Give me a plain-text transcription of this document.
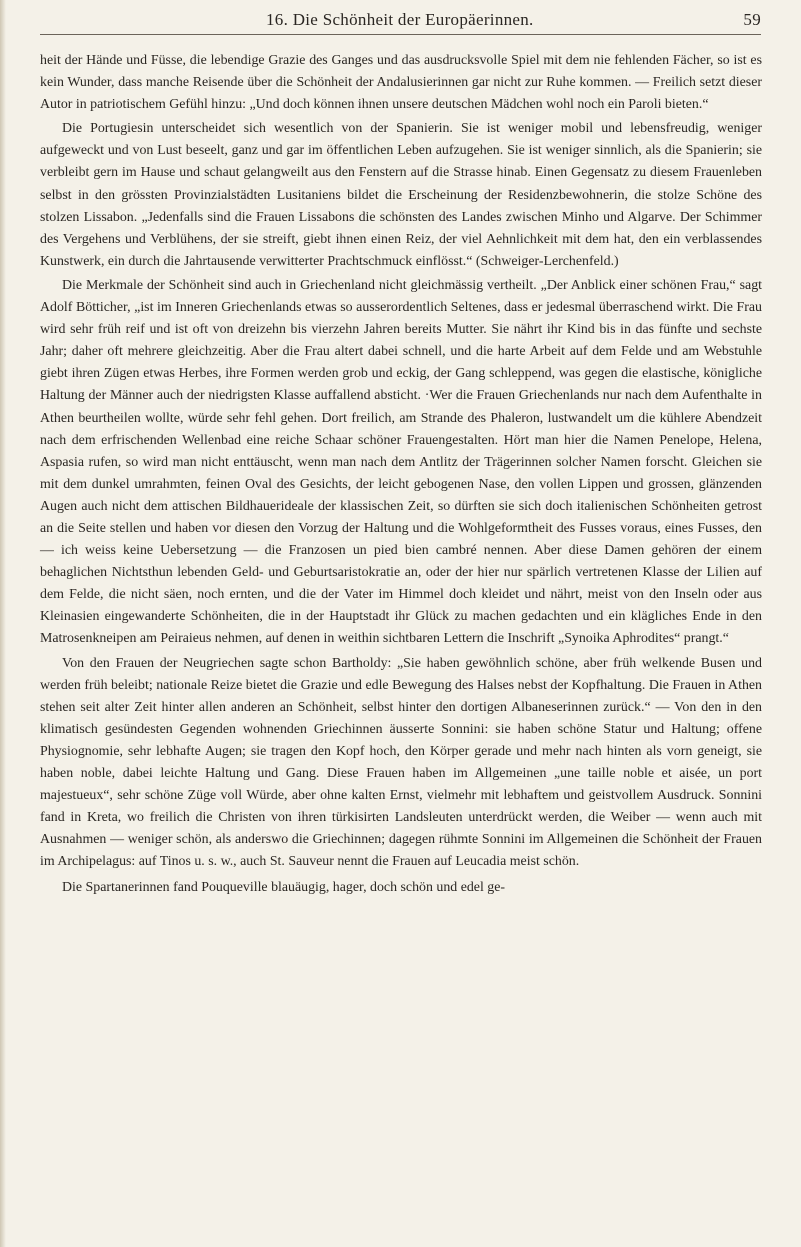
16. Die Schönheit der Europäerinnen.	59

heit der Hände und Füsse, die lebendige Grazie des Ganges und das ausdrucksvolle Spiel mit dem nie fehlenden Fächer, so ist es kein Wunder, dass manche Reisende über die Schönheit der Andalusierinnen gar nicht zur Ruhe kommen. — Freilich setzt dieser Autor in patriotischem Gefühl hinzu: „Und doch können ihnen unsere deutschen Mädchen wohl noch ein Paroli bieten.“

Die Portugiesin unterscheidet sich wesentlich von der Spanierin. Sie ist weniger mobil und lebensfreudig, weniger aufgeweckt und von Lust beseelt, ganz und gar im öffentlichen Leben aufzugehen. Sie ist weniger sinnlich, als die Spanierin; sie verbleibt gern im Hause und schaut gelangweilt aus den Fenstern auf die Strasse hinab. Einen Gegensatz zu diesem Frauenleben selbst in den grössten Provinzialstädten Lusitaniens bildet die Erscheinung der Residenzbewohnerin, die stolze Schöne des stolzen Lissabon. „Jedenfalls sind die Frauen Lissabons die schönsten des Landes zwischen Minho und Algarve. Der Schimmer des Vergehens und Verblühens, der sie streift, giebt ihnen einen Reiz, der viel Aehnlichkeit mit dem hat, den ein verblassendes Kunstwerk, ein durch die Jahrtausende verwitterter Prachtschmuck einflösst.“ (Schweiger-Lerchenfeld.)

Die Merkmale der Schönheit sind auch in Griechenland nicht gleichmässig vertheilt. „Der Anblick einer schönen Frau,“ sagt Adolf Bötticher, „ist im Inneren Griechenlands etwas so ausserordentlich Seltenes, dass er jedesmal überraschend wirkt. Die Frau wird sehr früh reif und ist oft von dreizehn bis vierzehn Jahren bereits Mutter. Sie nährt ihr Kind bis in das fünfte und sechste Jahr; daher oft mehrere gleichzeitig. Aber die Frau altert dabei schnell, und die harte Arbeit auf dem Felde und am Webstuhle giebt ihren Zügen etwas Herbes, ihre Formen werden grob und eckig, der Gang schleppend, was gegen die elastische, königliche Haltung der Männer auch der niedrigsten Klasse auffallend absticht. ·Wer die Frauen Griechenlands nur nach dem Aufenthalte in Athen beurtheilen wollte, würde sehr fehl gehen. Dort freilich, am Strande des Phaleron, lustwandelt um die kühlere Abendzeit nach dem erfrischenden Wellenbad eine reiche Schaar schöner Frauengestalten. Hört man hier die Namen Penelope, Helena, Aspasia rufen, so wird man nicht enttäuscht, wenn man nach dem Antlitz der Trägerinnen solcher Namen forscht. Gleichen sie mit dem dunkel umrahmten, feinen Oval des Gesichts, der leicht gebogenen Nase, den vollen Lippen und grossen, glänzenden Augen auch nicht dem attischen Bildhauerideale der klassischen Zeit, so dürften sie sich doch italienischen Schönheiten getrost an die Seite stellen und haben vor diesen den Vorzug der Haltung und die Wohlgeformtheit des Fusses voraus, eines Fusses, den — ich weiss keine Uebersetzung — die Franzosen un pied bien cambré nennen. Aber diese Damen gehören der einem behaglichen Nichtsthun lebenden Geld- und Geburtsaristokratie an, oder der hier nur spärlich vertretenen Klasse der Lilien auf dem Felde, die nicht säen, noch ernten, und die der Vater im Himmel doch kleidet und nährt, meist von den Inseln oder aus Kleinasien eingewanderte Schönheiten, die in der Hauptstadt ihr Glück zu machen gedachten und ein klägliches Ende in den Matrosenkneipen am Peiraieus nehmen, auf denen in weithin sichtbaren Lettern die Inschrift „Synoika Aphrodites“ prangt.“

Von den Frauen der Neugriechen sagte schon Bartholdy: „Sie haben gewöhnlich schöne, aber früh welkende Busen und werden früh beleibt; nationale Reize bietet die Grazie und edle Bewegung des Halses nebst der Kopfhaltung. Die Frauen in Athen stehen seit alter Zeit hinter allen anderen an Schönheit, selbst hinter den dortigen Albaneserinnen zurück.“ — Von den in den klimatisch gesündesten Gegenden wohnenden Griechinnen äusserte Sonnini: sie haben schöne Statur und Haltung; offene Physiognomie, sehr lebhafte Augen; sie tragen den Kopf hoch, den Körper gerade und mehr nach hinten als vorn geneigt, sie haben noble, dabei leichte Haltung und Gang. Diese Frauen haben im Allgemeinen „une taille noble et aisée, un port majestueux“, sehr schöne Züge voll Würde, aber ohne kalten Ernst, vielmehr mit lebhaftem und geistvollem Ausdruck. Sonnini fand in Kreta, wo freilich die Christen von ihren türkisirten Landsleuten unterdrückt werden, die Weiber — wenn auch mit Ausnahmen — weniger schön, als anderswo die Griechinnen; dagegen rühmte Sonnini im Allgemeinen die Schönheit der Frauen im Archipelagus: auf Tinos u. s. w., auch St. Sauveur nennt die Frauen auf Leucadia meist schön.

Die Spartanerinnen fand Pouqueville blauäugig, hager, doch schön und edel ge-
